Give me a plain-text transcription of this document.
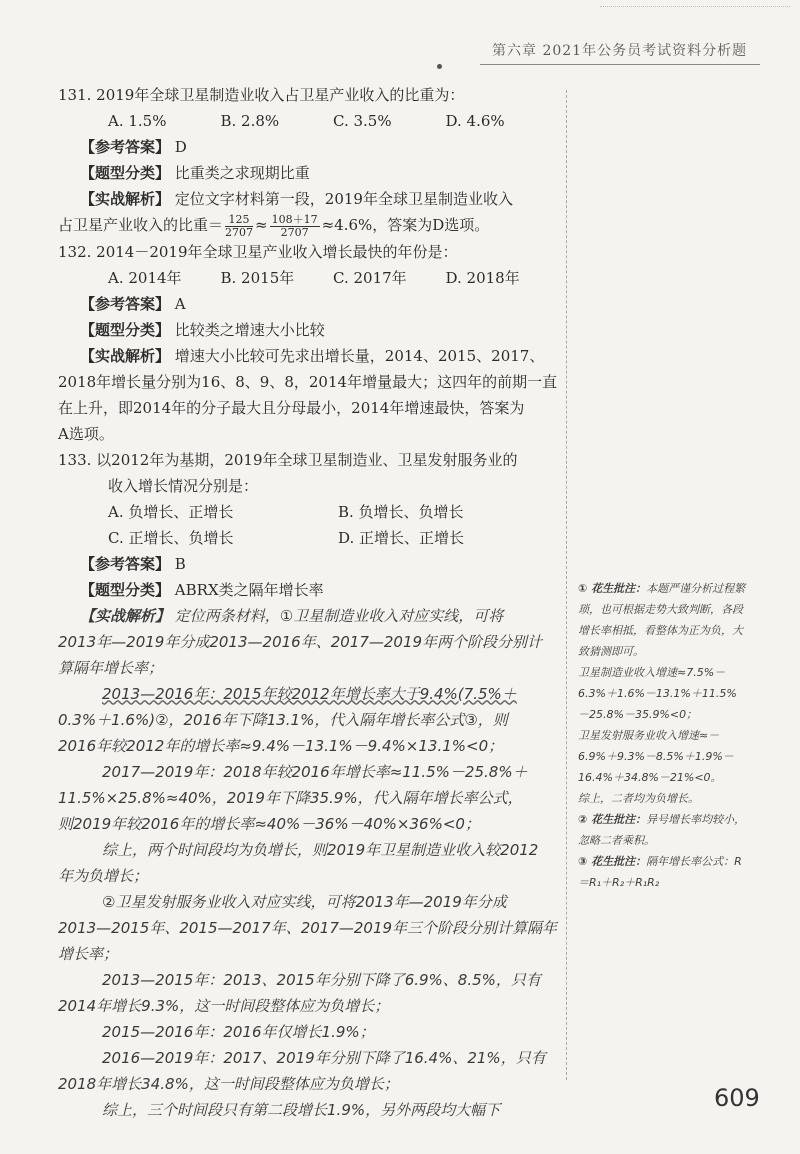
第六章 2021年公务员考试资料分析题

131. 2019年全球卫星制造业收入占卫星产业收入的比重为：

A. 1.5%	B. 2.8%	C. 3.5%	D. 4.6%

【参考答案】 D

【题型分类】 比重类之求现期比重

【实战解析】 定位文字材料第一段，2019年全球卫星制造业收入

占卫星产业收入的比重＝ $\frac{125}{2707} \approx \frac{108+17}{2707} \approx 4.6\%$，答案为D选项。

132. 2014－2019年全球卫星产业收入增长最快的年份是：

A. 2014年	B. 2015年	C. 2017年	D. 2018年

【参考答案】 A

【题型分类】 比较类之增速大小比较

【实战解析】 增速大小比较可先求出增长量，2014、2015、2017、

2018年增长量分别为16、8、9、8，2014年增量最大；这四年的前期一直

在上升，即2014年的分子最大且分母最小，2014年增速最快，答案为

A选项。

133. 以2012年为基期，2019年全球卫星制造业、卫星发射服务业的

收入增长情况分别是：

A. 负增长、正增长	B. 负增长、负增长
C. 正增长、负增长	D. 正增长、正增长

【参考答案】 B

【题型分类】 ABRX类之隔年增长率

【实战解析】 定位两条材料，①卫星制造业收入对应实线，可将

2013年—2019年分成2013—2016年、2017—2019年两个阶段分别计

算隔年增长率；

2013—2016年：2015年较2012年增长率大于9.4%(7.5%＋

0.3%＋1.6%)②，2016年下降13.1%，代入隔年增长率公式③，则

2016年较2012年的增长率≈9.4%－13.1%－9.4%×13.1%<0；

2017—2019年：2018年较2016年增长率≈11.5%－25.8%＋

11.5%×25.8%≈40%，2019年下降35.9%，代入隔年增长率公式，

则2019年较2016年的增长率≈40%－36%－40%×36%<0；

综上，两个时间段均为负增长，则2019年卫星制造业收入较2012

年为负增长；

②卫星发射服务业收入对应实线，可将2013年—2019年分成

2013—2015年、2015—2017年、2017—2019年三个阶段分别计算隔年

增长率；

2013—2015年：2013、2015年分别下降了6.9%、8.5%，只有

2014年增长9.3%，这一时间段整体应为负增长；

2015—2016年：2016年仅增长1.9%；

2016—2019年：2017、2019年分别下降了16.4%、21%，只有

2018年增长34.8%，这一时间段整体应为负增长；

综上，三个时间段只有第二段增长1.9%，另外两段均大幅下

① 花生批注：本题严谨分析过程繁琐，也可根据走势大致判断，各段增长率相抵，看整体为正为负，大致猜测即可。

卫星制造业收入增速≈7.5%－6.3%＋1.6%－13.1%＋11.5%－25.8%－35.9%<0；

卫星发射服务业收入增速≈－6.9%＋9.3%－8.5%＋1.9%－16.4%＋34.8%－21%<0。

综上，二者均为负增长。

② 花生批注：异号增长率均较小，忽略二者乘积。

③ 花生批注：隔年增长率公式：R＝R₁＋R₂＋R₁R₂

609
